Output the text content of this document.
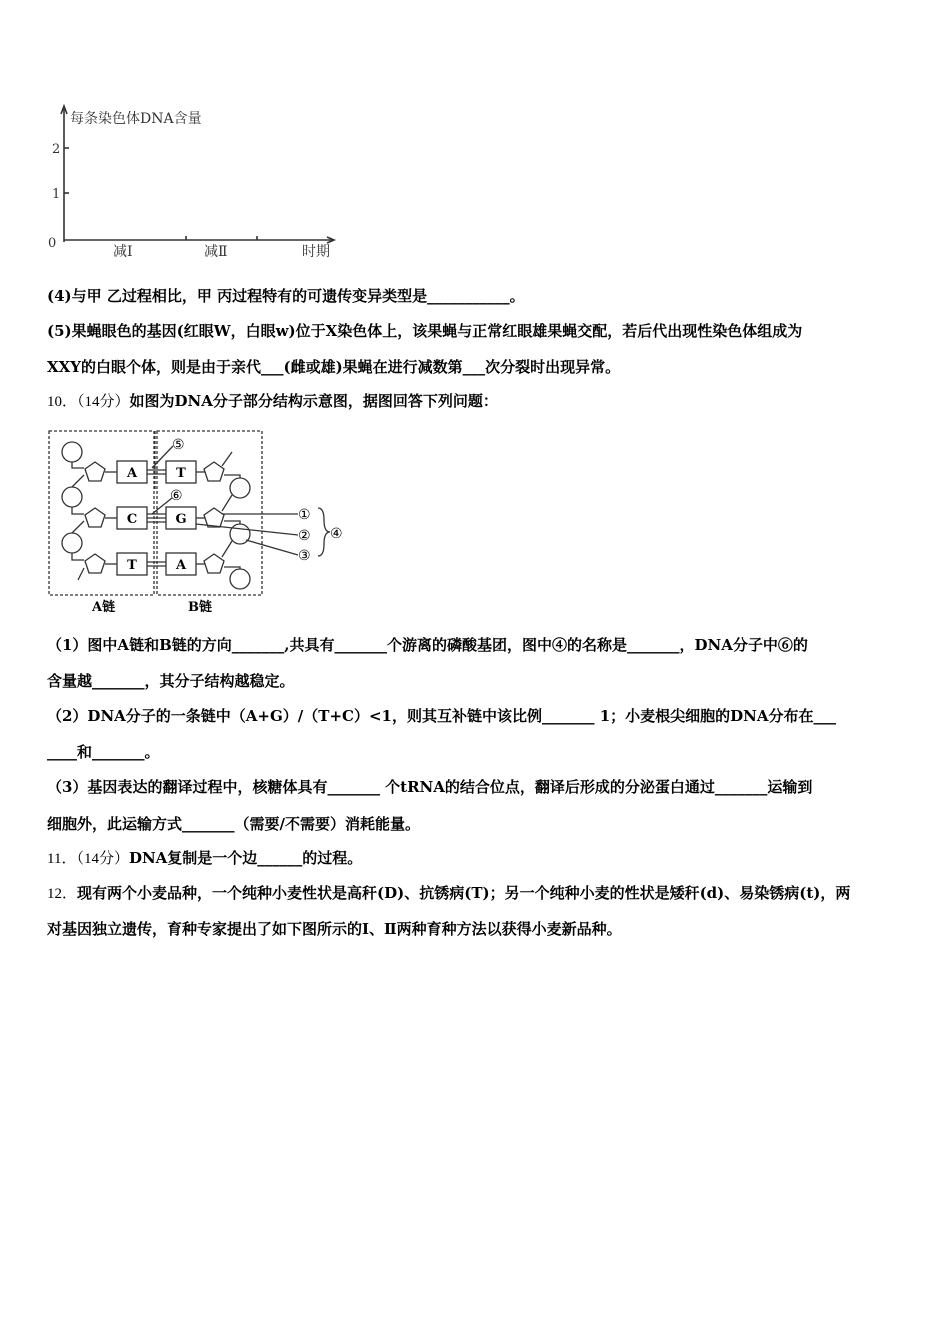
每条染色体DNA含量
2
1
0
减Ⅰ	减Ⅱ	时期
(4)与甲 乙过程相比，甲 丙过程特有的可遗传变异类型是___________。
(5)果蝇眼色的基因(红眼W，白眼w)位于X染色体上，该果蝇与正常红眼雄果蝇交配，若后代出现性染色体组成为
XXY的白眼个体，则是由于亲代___(雌或雄)果蝇在进行减数第___次分裂时出现异常。
10．（14分）如图为DNA分子部分结构示意图，据图回答下列问题：
A
C
T
T
G
A
⑤
⑥
①
②
③
④
A链	B链
（1）图中A链和B链的方向_______,共具有_______个游离的磷酸基团，图中④的名称是_______，DNA分子中⑥的
含量越_______，其分子结构越稳定。
（2）DNA分子的一条链中（A+G）/（T+C）<1，则其互补链中该比例_______ 1；小麦根尖细胞的DNA分布在___
____和_______。
（3）基因表达的翻译过程中，核糖体具有_______ 个tRNA的结合位点，翻译后形成的分泌蛋白通过_______运输到
细胞外，此运输方式_______（需要/不需要）消耗能量。
11．（14分）DNA复制是一个边______的过程。
12．现有两个小麦品种，一个纯种小麦性状是高秆(D)、抗锈病(T)；另一个纯种小麦的性状是矮秆(d)、易染锈病(t)，两
对基因独立遗传，育种专家提出了如下图所示的Ⅰ、Ⅱ两种育种方法以获得小麦新品种。
